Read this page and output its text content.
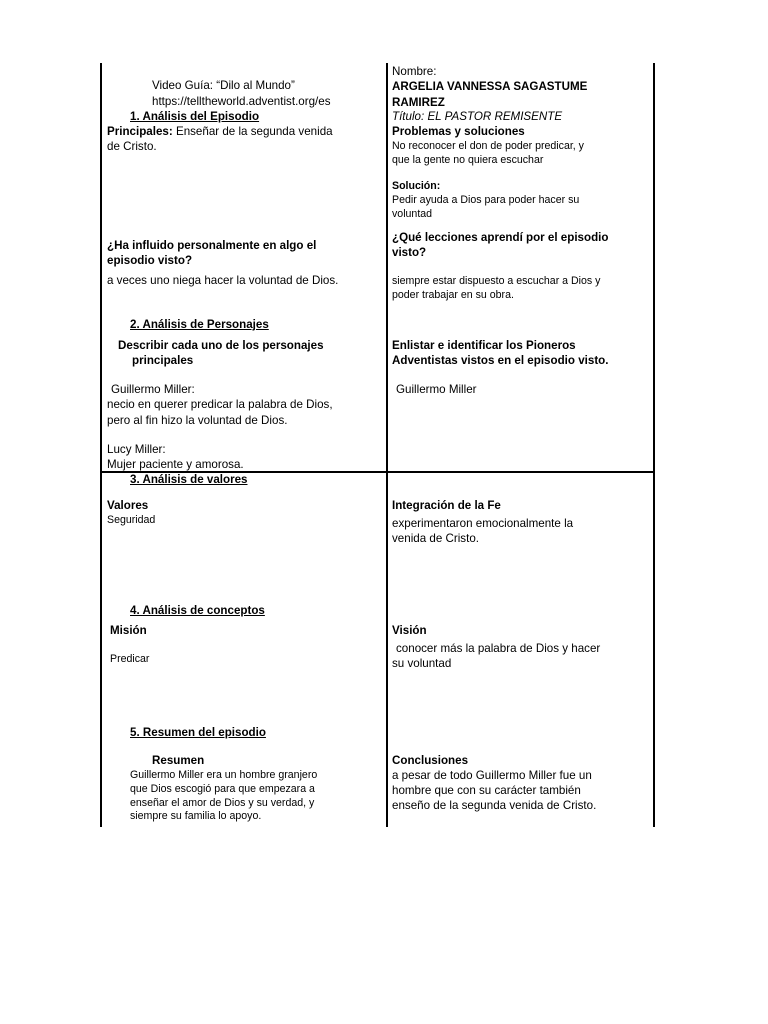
Video Guía: “Dilo al Mundo”
https://telltheworld.adventist.org/es
1. Análisis del Episodio
Principales: Enseñar de la segunda venida
de Cristo.
¿Ha influido personalmente en algo el
episodio visto?
a veces uno niega hacer la voluntad de Dios.
2. Análisis de Personajes
Describir cada uno de los personajes
principales
Guillermo Miller:
necio en querer predicar la palabra de Dios,
pero al fin hizo la voluntad de Dios.
Lucy Miller:
Mujer paciente y amorosa.
3. Análisis de valores
Valores
Seguridad
4. Análisis de conceptos
Misión
Predicar
5. Resumen del episodio
Resumen
Guillermo Miller era un hombre granjero
que Dios escogió para que empezara a
enseñar el amor de Dios y su verdad, y
siempre su familia lo apoyo.
Nombre:
ARGELIA VANNESSA SAGASTUME
RAMIREZ
Título: EL PASTOR REMISENTE
Problemas y soluciones
No reconocer el don de poder predicar, y
que la gente no quiera escuchar
Solución:
Pedir ayuda a Dios para poder hacer su
voluntad
¿Qué lecciones aprendí por el episodio
visto?
siempre estar dispuesto a escuchar a Dios y
poder trabajar en su obra.
Enlistar e identificar los Pioneros
Adventistas vistos en el episodio visto.
Guillermo Miller
Integración de la Fe
experimentaron emocionalmente la
venida de Cristo.
Visión
conocer más la palabra de Dios y hacer
su voluntad
Conclusiones
a pesar de todo Guillermo Miller fue un
hombre que con su carácter también
enseño de la segunda venida de Cristo.
